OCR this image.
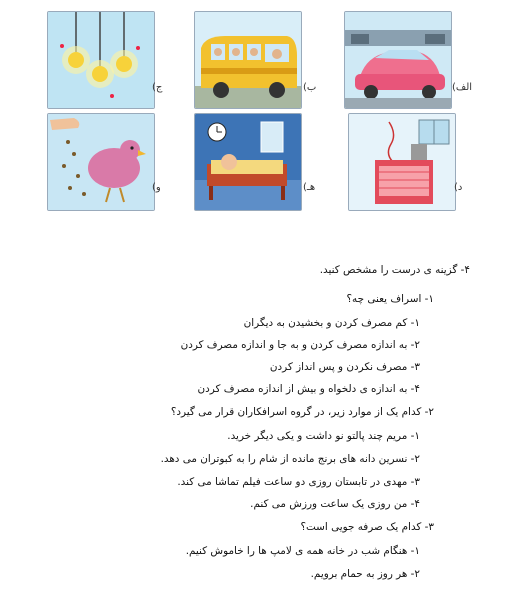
الف)
ب)
ج)
د)
هـ)
و)
۴- گزینه ی درست را مشخص کنید.
۱- اسراف یعنی چه؟
۱- کم مصرف کردن و بخشیدن به دیگران
۲- به اندازه مصرف کردن و به جا و اندازه مصرف کردن
۳- مصرف نکردن و پس انداز کردن
۴- به اندازه ی دلخواه و بیش از اندازه مصرف کردن
۲- کدام یک از موارد زیر، در گروه اسرافکاران قرار می گیرد؟
۱- مریم چند پالتو نو داشت و یکی دیگر خرید.
۲- نسرین دانه های برنج مانده از شام را به کبوتران می دهد.
۳- مهدی در تابستان روزی دو ساعت فیلم تماشا می کند.
۴- من روزی یک ساعت ورزش می کنم.
۳- کدام یک صرفه جویی است؟
۱- هنگام شب در خانه همه ی لامپ ها را خاموش کنیم.
۲- هر روز به حمام برویم.
